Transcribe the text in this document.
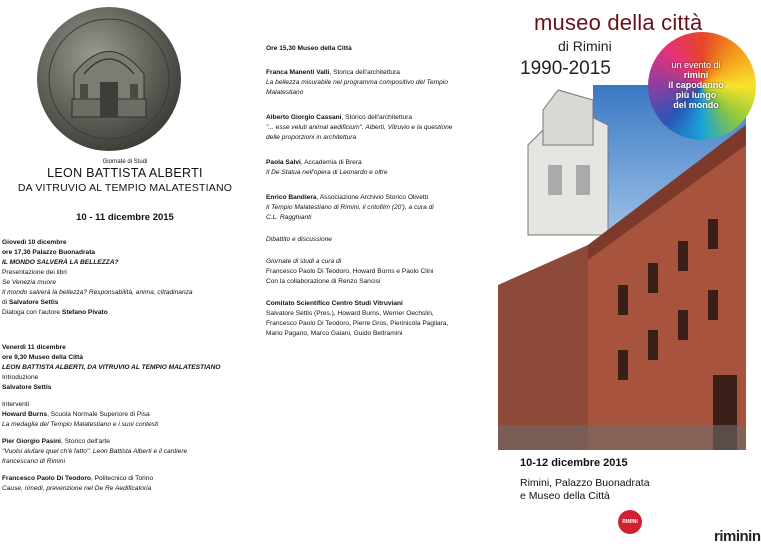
Giornate di Studi
LEON BATTISTA ALBERTI
DA VITRUVIO AL TEMPIO MALATESTIANO
10 - 11 dicembre 2015
Giovedì 10 dicembre
ore 17,30 Palazzo Buonadrata
IL MONDO SALVERÀ LA BELLEZZA?
Presentazione dei libri
Se Venezia muore
Il mondo salverà la bellezza? Responsabilità, anima, cittadinanza
di Salvatore Settis
Dialoga con l'autore Stefano Pivato
Venerdì 11 dicembre
ore 9,30 Museo della Città
LEON BATTISTA ALBERTI, DA VITRUVIO AL TEMPIO MALATESTIANO
Introduzione
Salvatore Settis
Interventi
Howard Burns, Scuola Normale Superiore di Pisa
La medaglia del Tempio Malatestiano e i suoi contesti
Pier Giorgio Pasini, Storico dell'arte
"Vuolsi aiutare quel ch'è fatto": Leon Battista Alberti e il cantiere
francescano di Rimini
Francesco Paolo Di Teodoro, Politecnico di Torino
Cause, rimedi, prevenzione nel De Re Aedificatoria
Ore 15,30 Museo della Città
Franca Manenti Valli, Storica dell'architettura
La bellezza misurabile nel programma compositivo del Tempio
Malatestiano
Alberto Giorgio Cassani, Storico dell'architettura
"... esse veluti animal aedificium". Alberti, Vitruvio e la questione
delle proporzioni in architettura
Paola Salvi, Accademia di Brera
Il De Statua nell'opera di Leonardo e oltre
Enrico Bandiera, Associazione Archivio Storico Olivetti
Il Tempio Malatestiano di Rimini, il critofilm (20'), a cura di
C.L. Ragghianti
Dibattito e discussione
Giornate di studi a cura di
Francesco Paolo Di Teodoro, Howard Burns e Paolo Clini
Con la collaborazione di Renzo Sancisi
Comitato Scientifico Centro Studi Vitruviani
Salvatore Settis (Pres.), Howard Burns, Werner Oechslin,
Francesco Paolo Di Teodoro, Pierre Gros, Pierinicola Pagliara,
Mario Pagano, Marco Gaiani, Guido Beltramini
museo della città
di Rimini
1990-2015	un evento di
rimini
il capodanno
più lungo
del mondo
10-12 dicembre 2015
Rimini, Palazzo Buonadrata
e Museo della Città
RIMINI
riminin
